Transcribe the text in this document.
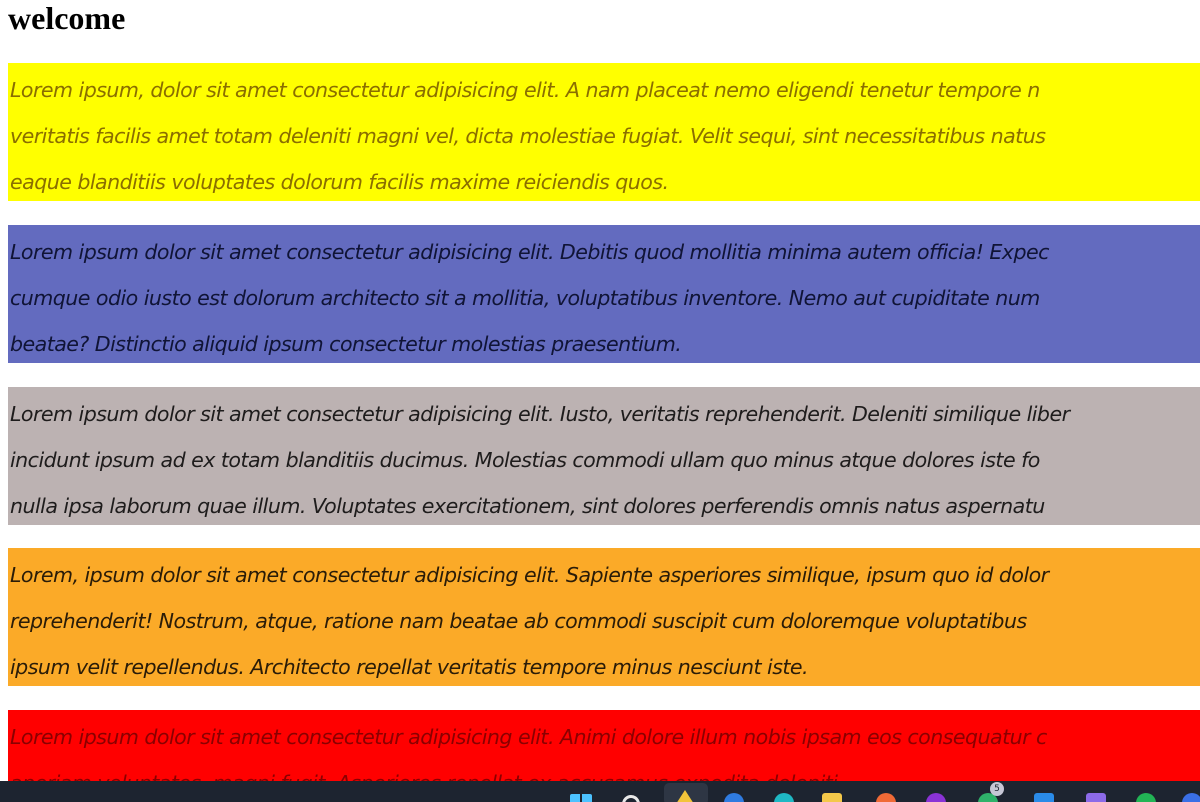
welcome

Lorem ipsum, dolor sit amet consectetur adipisicing elit. A nam placeat nemo eligendi tenetur tempore n
veritatis facilis amet totam deleniti magni vel, dicta molestiae fugiat. Velit sequi, sint necessitatibus natus
eaque blanditiis voluptates dolorum facilis maxime reiciendis quos.

Lorem ipsum dolor sit amet consectetur adipisicing elit. Debitis quod mollitia minima autem officia! Expec
cumque odio iusto est dolorum architecto sit a mollitia, voluptatibus inventore. Nemo aut cupiditate num
beatae? Distinctio aliquid ipsum consectetur molestias praesentium.

Lorem ipsum dolor sit amet consectetur adipisicing elit. Iusto, veritatis reprehenderit. Deleniti similique liber
incidunt ipsum ad ex totam blanditiis ducimus. Molestias commodi ullam quo minus atque dolores iste fo
nulla ipsa laborum quae illum. Voluptates exercitationem, sint dolores perferendis omnis natus aspernatu

Lorem, ipsum dolor sit amet consectetur adipisicing elit. Sapiente asperiores similique, ipsum quo id dolor
reprehenderit! Nostrum, atque, ratione nam beatae ab commodi suscipit cum doloremque voluptatibus
ipsum velit repellendus. Architecto repellat veritatis tempore minus nesciunt iste.

Lorem ipsum dolor sit amet consectetur adipisicing elit. Animi dolore illum nobis ipsam eos consequatur c

5
